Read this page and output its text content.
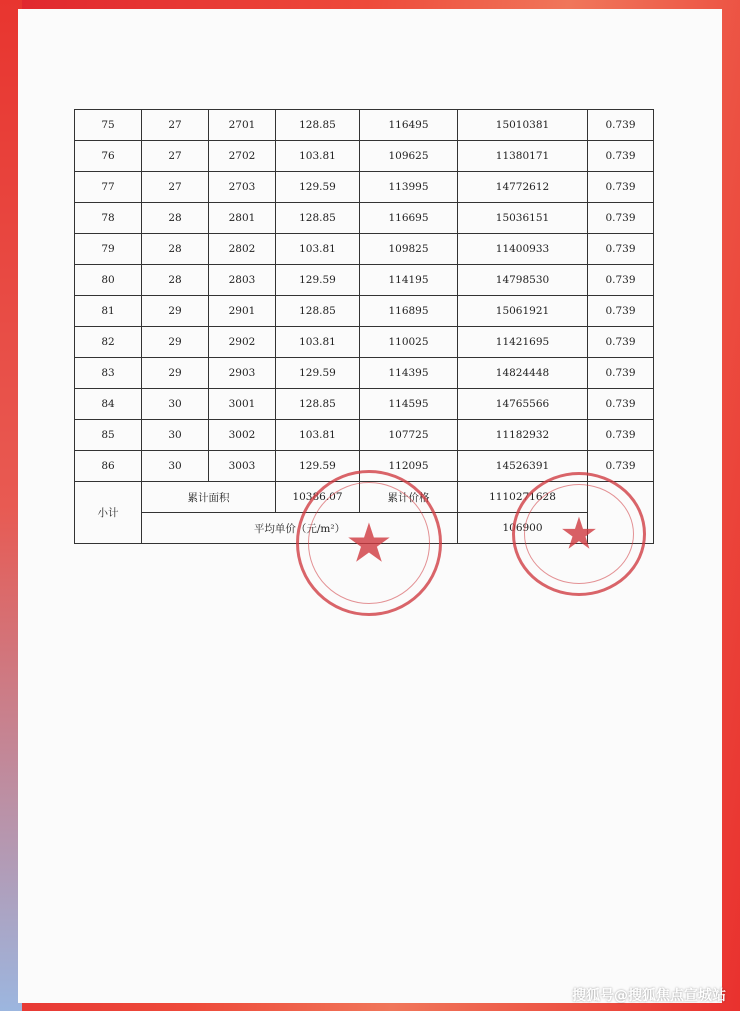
75	27	2701	128.85	116495	15010381	0.739
76	27	2702	103.81	109625	11380171	0.739
77	27	2703	129.59	113995	14772612	0.739
78	28	2801	128.85	116695	15036151	0.739
79	28	2802	103.81	109825	11400933	0.739
80	28	2803	129.59	114195	14798530	0.739
81	29	2901	128.85	116895	15061921	0.739
82	29	2902	103.81	110025	11421695	0.739
83	29	2903	129.59	114395	14824448	0.739
84	30	3001	128.85	114595	14765566	0.739
85	30	3002	103.81	107725	11182932	0.739
86	30	3003	129.59	112095	14526391	0.739
小计	累计面积		10386.07	累计价格	1110271628	
	平均单价（元/m²）				106900	
★	★
搜狐号@搜狐焦点宣城站
